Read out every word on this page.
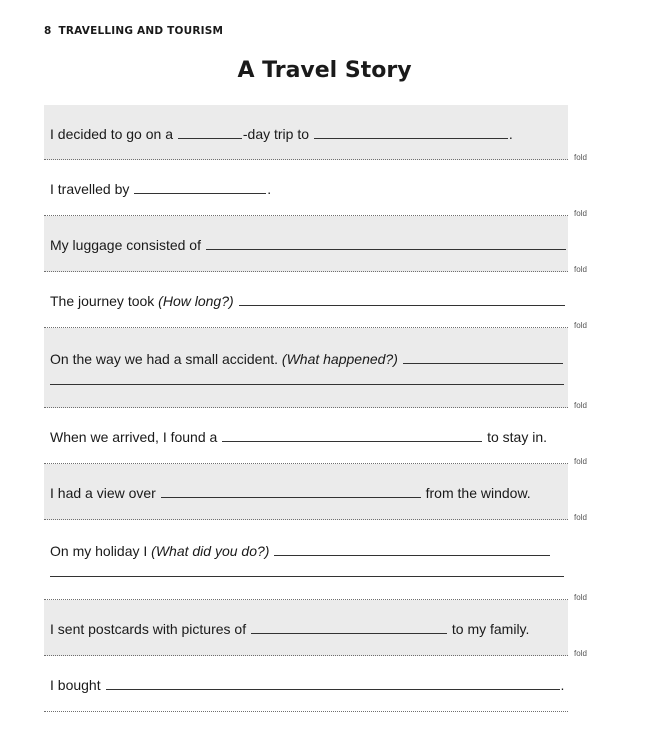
8 TRAVELLING AND TOURISM
A Travel Story
I decided to go on a	-day trip to	.
fold
I travelled by	.
fold
My luggage consisted of
fold
The journey took (How long?)
fold
On the way we had a small accident. (What happened?)
fold
When we arrived, I found a	to stay in.
fold
I had a view over	from the window.
fold
On my holiday I (What did you do?)
fold
I sent postcards with pictures of	to my family.
fold
I bought	.
